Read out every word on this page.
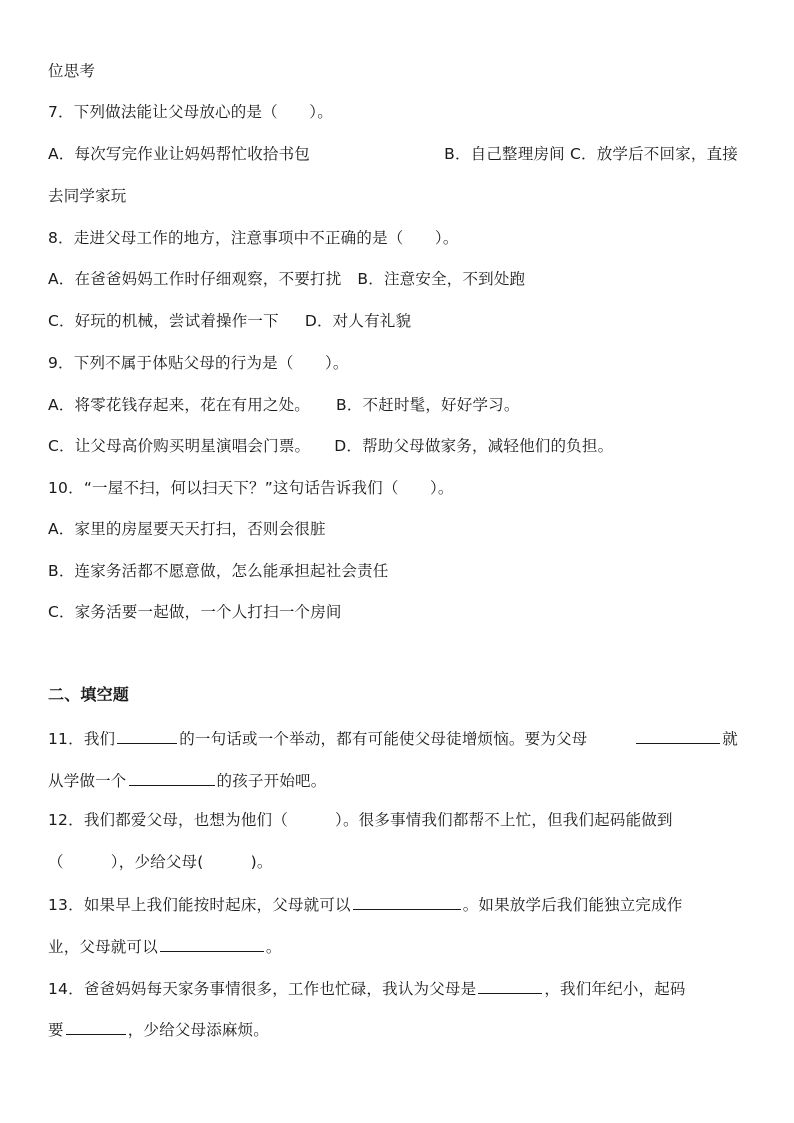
位思考
7．下列做法能让父母放心的是（　　）。
A．每次写完作业让妈妈帮忙收拾书包	B．自己整理房间 C．放学后不回家，直接
去同学家玩
8．走进父母工作的地方，注意事项中不正确的是（　　）。
A．在爸爸妈妈工作时仔细观察，不要打扰 B．注意安全，不到处跑
C．好玩的机械，尝试着操作一下 D．对人有礼貌
9．下列不属于体贴父母的行为是（　　）。
A．将零花钱存起来，花在有用之处。 B．不赶时髦，好好学习。
C．让父母高价购买明星演唱会门票。 D．帮助父母做家务，减轻他们的负担。
10．“一屋不扫，何以扫天下？”这句话告诉我们（　　）。
A．家里的房屋要天天打扫，否则会很脏
B．连家务活都不愿意做，怎么能承担起社会责任
C．家务活要一起做，一个人打扫一个房间
二、填空题
11．我们	的一句话或一个举动，都有可能使父母徒增烦恼。要为父母	就
从学做一个	的孩子开始吧。
12．我们都爱父母，也想为他们（　　　）。很多事情我们都帮不上忙，但我们起码能做到
（　　　），少给父母(　　　)。
13．如果早上我们能按时起床，父母就可以	。如果放学后我们能独立完成作
业，父母就可以	。
14．爸爸妈妈每天家务事情很多，工作也忙碌，我认为父母是	，我们年纪小，起码
要	，少给父母添麻烦。
